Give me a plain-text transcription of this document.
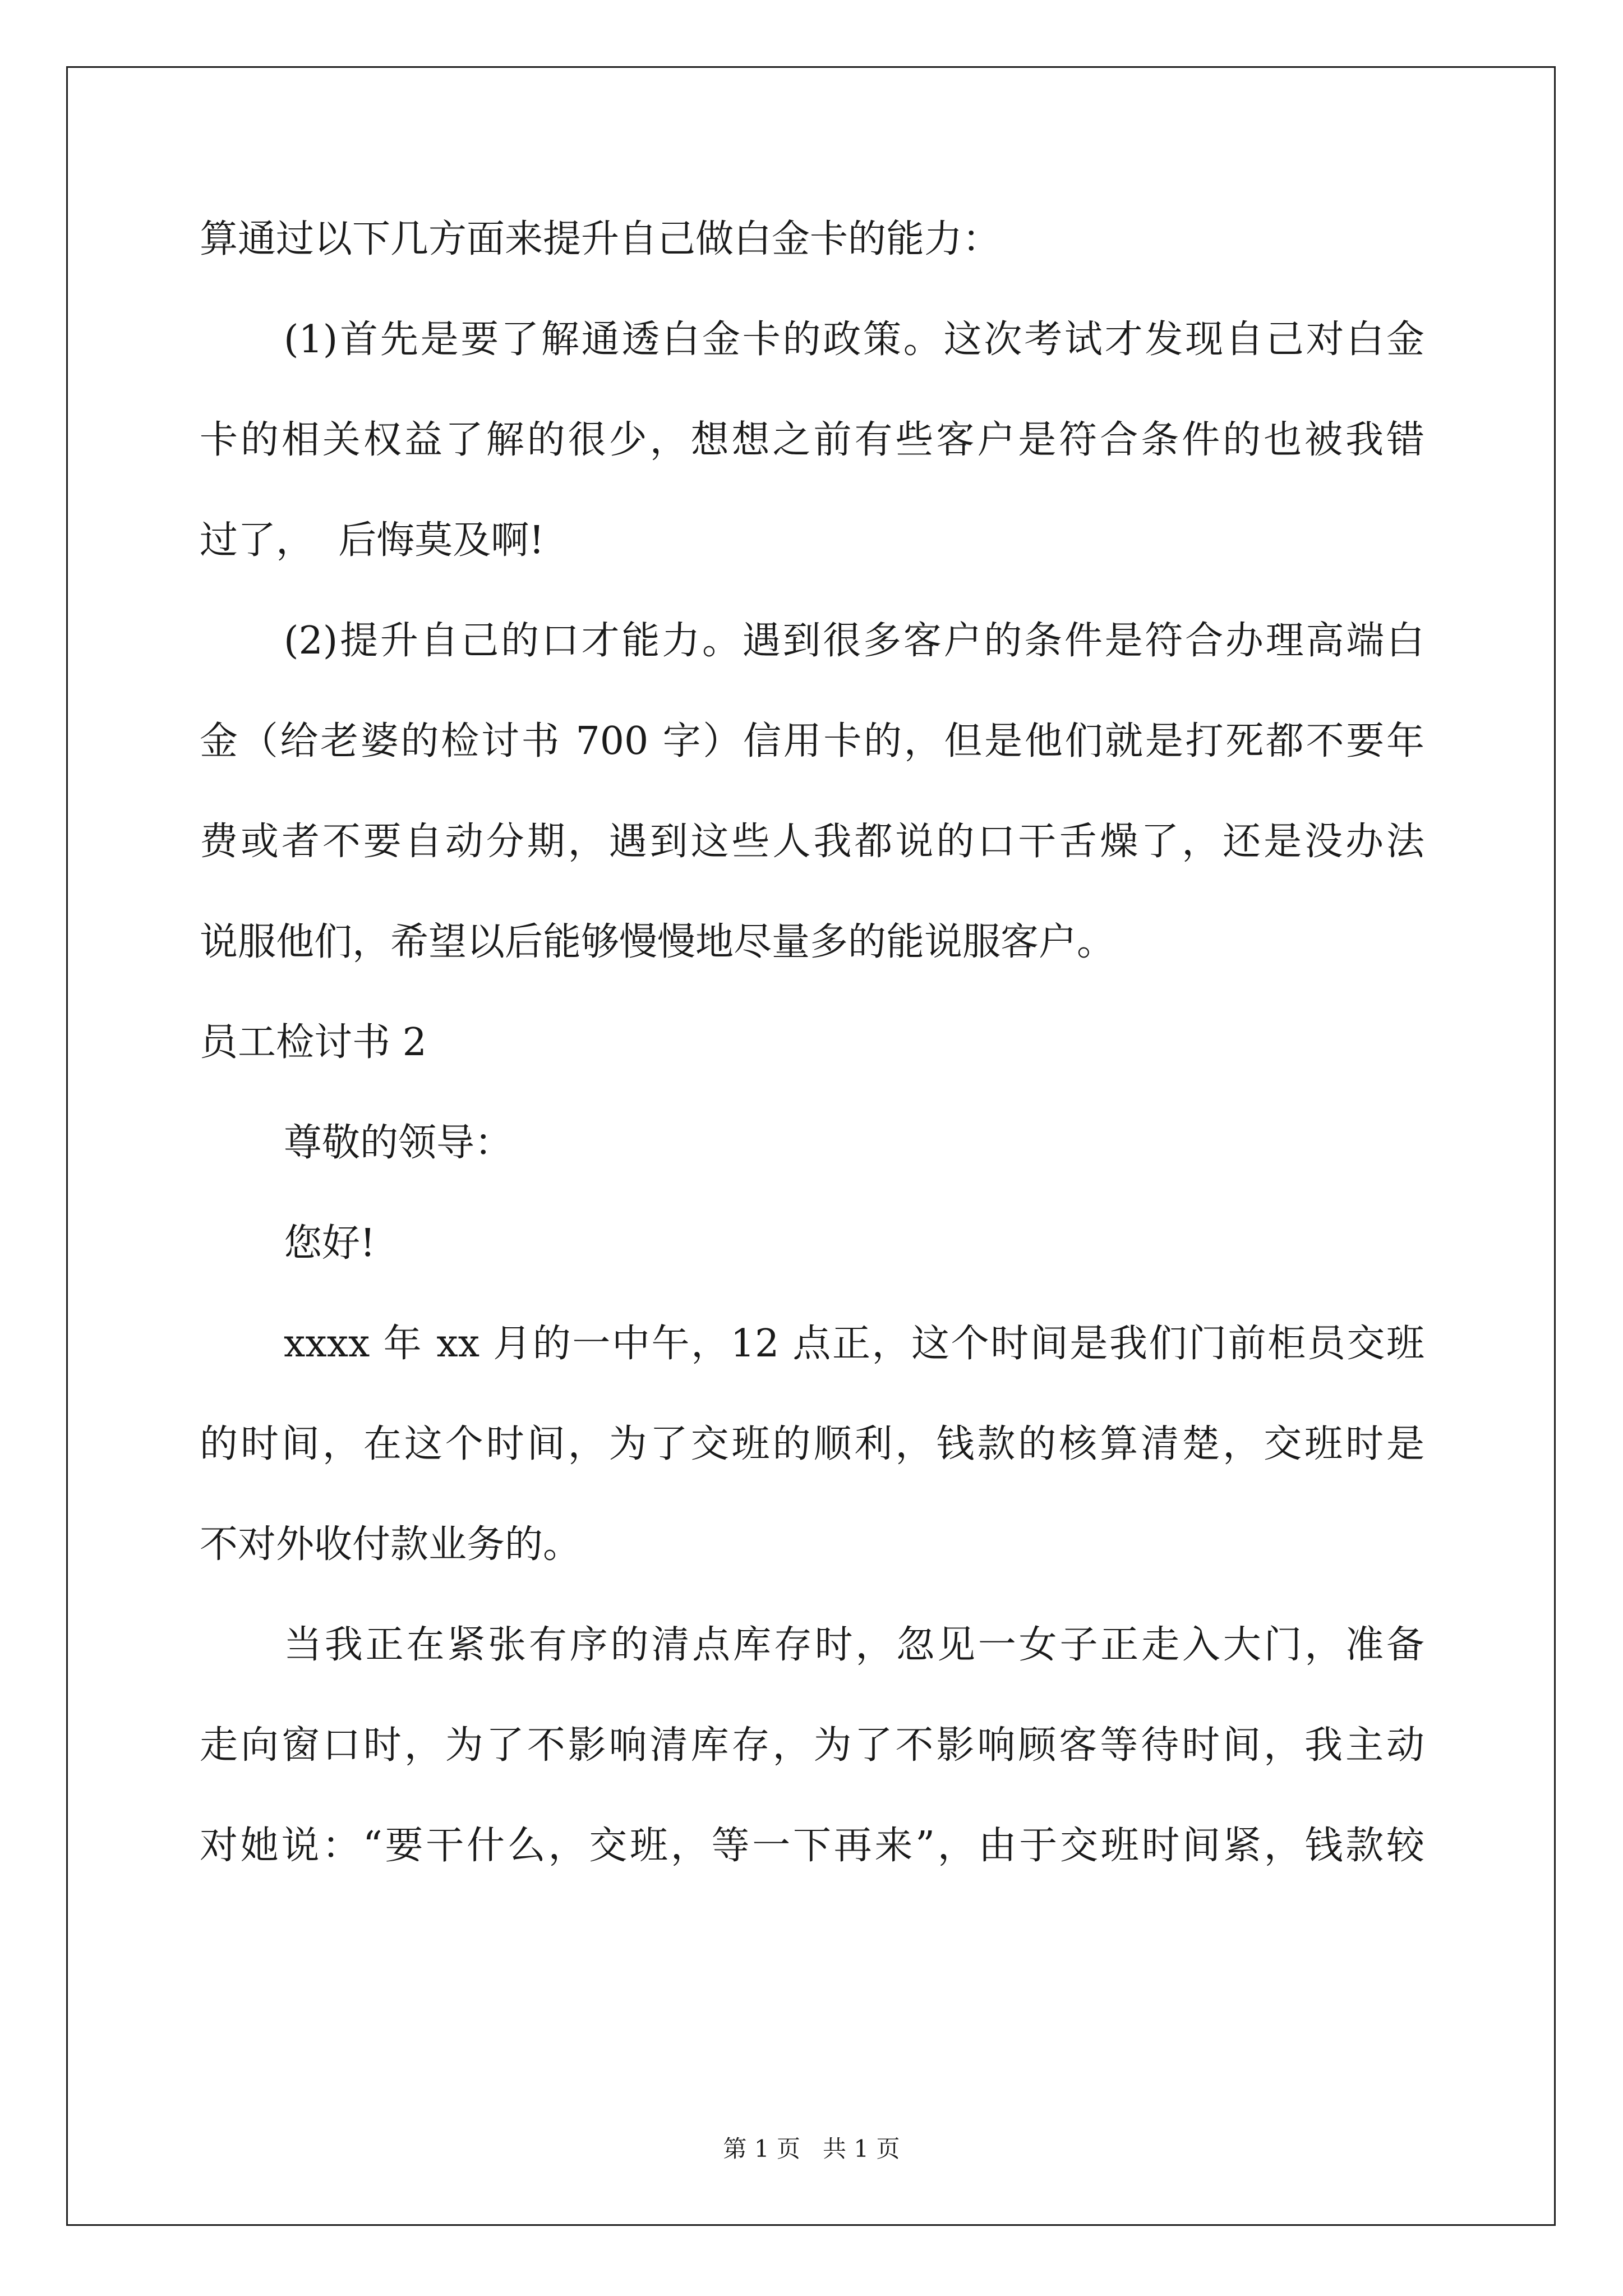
算通过以下几方面来提升自己做白金卡的能力：
(1)首先是要了解通透白金卡的政策。这次考试才发现自己对白金
卡的相关权益了解的很少，想想之前有些客户是符合条件的也被我错
过了，  后悔莫及啊!
(2)提升自己的口才能力。遇到很多客户的条件是符合办理高端白
金（给老婆的检讨书 700 字）信用卡的，但是他们就是打死都不要年
费或者不要自动分期，遇到这些人我都说的口干舌燥了，还是没办法
说服他们，希望以后能够慢慢地尽量多的能说服客户。
员工检讨书 2
尊敬的领导：
您好!
xxxx 年 xx 月的一中午，12 点正，这个时间是我们门前柜员交班
的时间，在这个时间，为了交班的顺利，钱款的核算清楚，交班时是
不对外收付款业务的。
当我正在紧张有序的清点库存时，忽见一女子正走入大门，准备
走向窗口时，为了不影响清库存，为了不影响顾客等待时间，我主动
对她说：“要干什么，交班，等一下再来”，由于交班时间紧，钱款较
第 1 页   共 1 页
